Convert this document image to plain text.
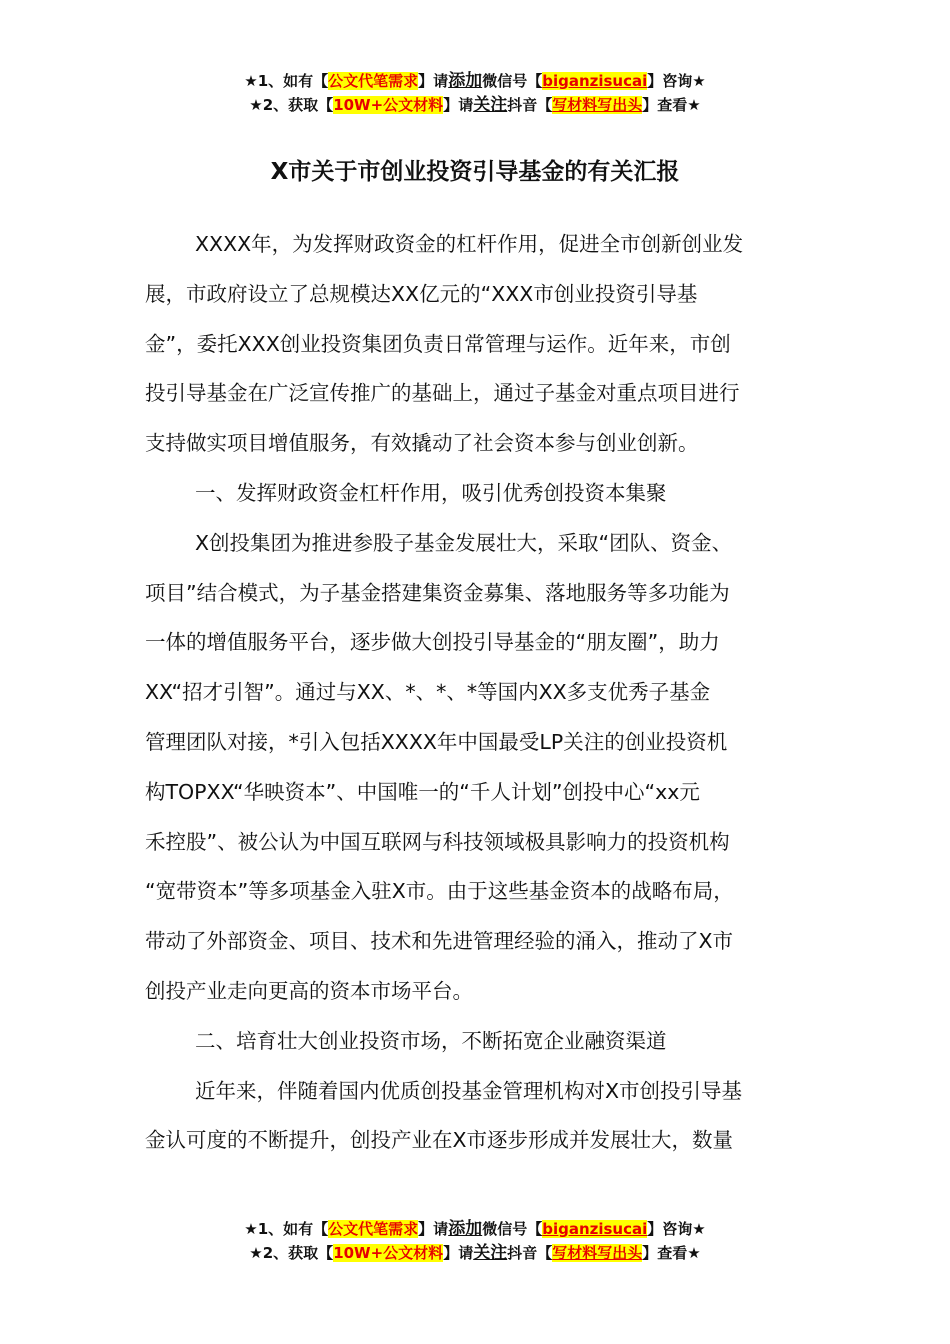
★1、如有【公文代笔需求】请添加微信号【biganzisucai】咨询★
★2、获取【10W+公文材料】请关注抖音【写材料写出头】查看★
X市关于市创业投资引导基金的有关汇报
XXXX年，为发挥财政资金的杠杆作用，促进全市创新创业发
展，市政府设立了总规模达XX亿元的“XXX市创业投资引导基
金”，委托XXX创业投资集团负责日常管理与运作。近年来，市创
投引导基金在广泛宣传推广的基础上，通过子基金对重点项目进行
支持做实项目增值服务，有效撬动了社会资本参与创业创新。
一、发挥财政资金杠杆作用，吸引优秀创投资本集聚
X创投集团为推进参股子基金发展壮大，采取“团队、资金、
项目”结合模式，为子基金搭建集资金募集、落地服务等多功能为
一体的增值服务平台，逐步做大创投引导基金的“朋友圈”，助力
XX“招才引智”。通过与XX、*、*、*等国内XX多支优秀子基金
管理团队对接，*引入包括XXXX年中国最受LP关注的创业投资机
构TOPXX“华映资本”、中国唯一的“千人计划”创投中心“xx元
禾控股”、被公认为中国互联网与科技领域极具影响力的投资机构
“宽带资本”等多项基金入驻X市。由于这些基金资本的战略布局，
带动了外部资金、项目、技术和先进管理经验的涌入，推动了X市
创投产业走向更高的资本市场平台。
二、培育壮大创业投资市场，不断拓宽企业融资渠道
近年来，伴随着国内优质创投基金管理机构对X市创投引导基
金认可度的不断提升，创投产业在X市逐步形成并发展壮大，数量
★1、如有【公文代笔需求】请添加微信号【biganzisucai】咨询★
★2、获取【10W+公文材料】请关注抖音【写材料写出头】查看★
